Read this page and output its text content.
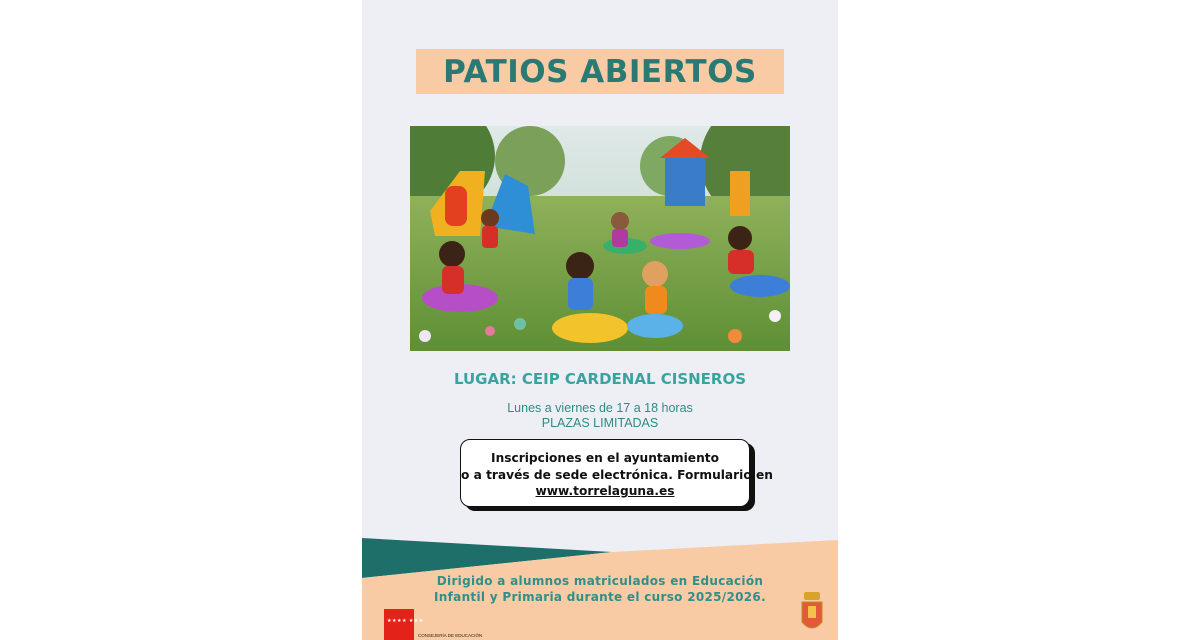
PATIOS ABIERTOS
LUGAR: CEIP CARDENAL CISNEROS
Lunes a viernes de 17 a 18 horas
PLAZAS LIMITADAS
Inscripciones en el ayuntamiento
o a través de sede electrónica. Formulario en
www.torrelaguna.es
Dirigido a alumnos matriculados en Educación
Infantil y Primaria durante el curso 2025/2026.
★★★★ ★★★
CONSEJERÍA DE EDUCACIÓN
